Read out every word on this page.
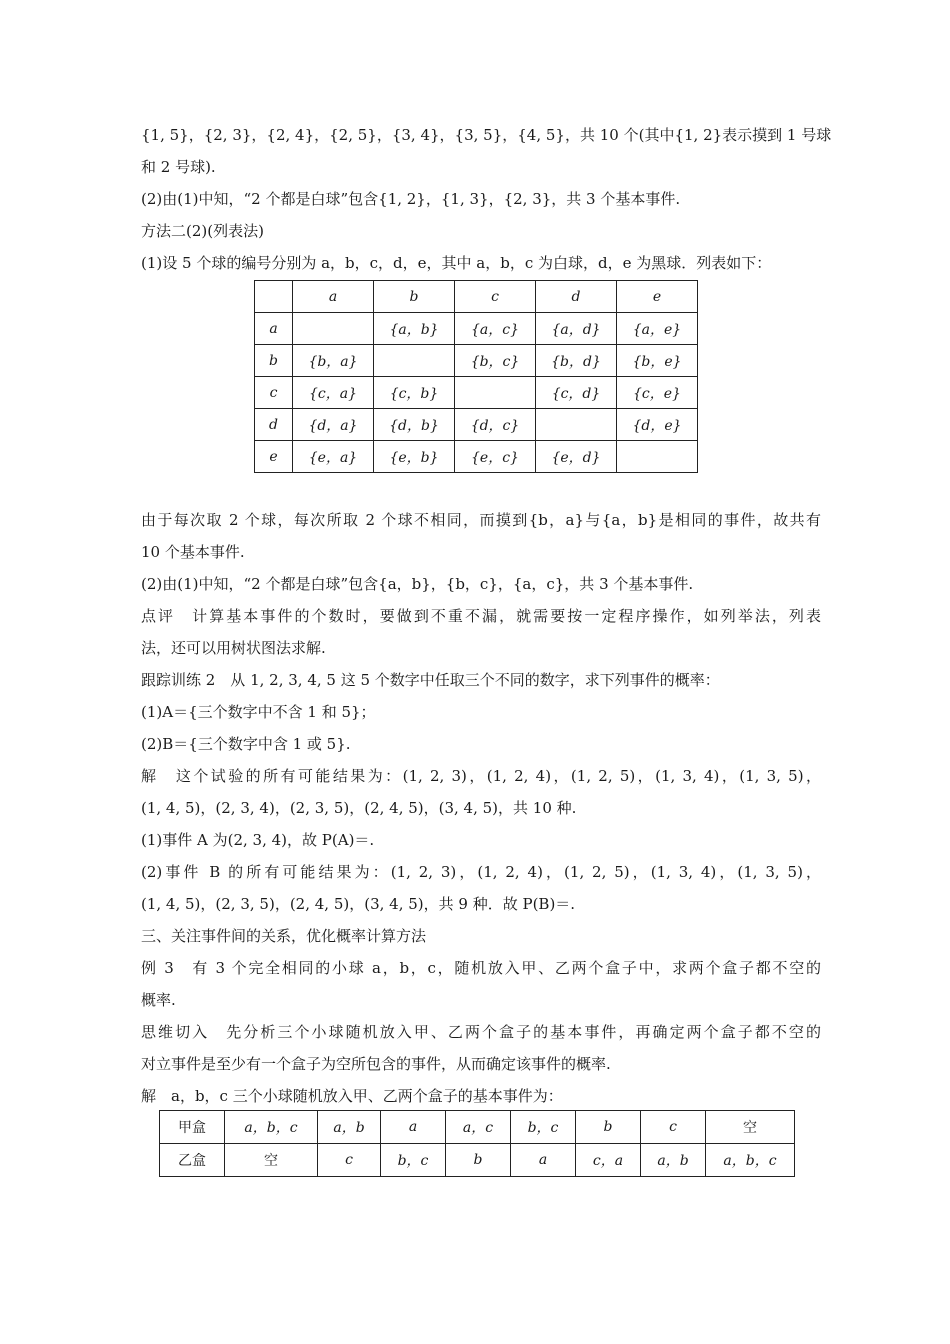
{1, 5}，{2, 3}，{2, 4}，{2, 5}，{3, 4}，{3, 5}，{4, 5}，共 10 个(其中{1, 2}表示摸到 1 号球
和 2 号球).
(2)由(1)中知，“2 个都是白球”包含{1, 2}，{1, 3}，{2, 3}，共 3 个基本事件.
方法二(2)(列表法)
(1)设 5 个球的编号分别为 a，b，c，d，e，其中 a，b，c 为白球，d，e 为黑球．列表如下：
	a	b	c	d	e
a		{a，b}	{a，c}	{a，d}	{a，e}
b	{b，a}		{b，c}	{b，d}	{b，e}
c	{c，a}	{c，b}		{c，d}	{c，e}
d	{d，a}	{d，b}	{d，c}		{d，e}
e	{e，a}	{e，b}	{e，c}	{e，d}	
由于每次取 2 个球，每次所取 2 个球不相同，而摸到{b，a}与{a，b}是相同的事件，故共有
10 个基本事件.
(2)由(1)中知，“2 个都是白球”包含{a，b}，{b，c}，{a，c}，共 3 个基本事件.
点评　计算基本事件的个数时，要做到不重不漏，就需要按一定程序操作，如列举法，列表
法，还可以用树状图法求解.
跟踪训练 2　从 1, 2, 3, 4, 5 这 5 个数字中任取三个不同的数字，求下列事件的概率：
(1)A＝{三个数字中不含 1 和 5}；
(2)B＝{三个数字中含 1 或 5}.
解　这个试验的所有可能结果为：(1, 2, 3)，(1, 2, 4)，(1, 2, 5)，(1, 3, 4)，(1, 3, 5)，
(1, 4, 5)，(2, 3, 4)，(2, 3, 5)，(2, 4, 5)，(3, 4, 5)，共 10 种.
(1)事件 A 为(2, 3, 4)，故 P(A)＝.
(2)事件 B 的所有可能结果为：(1, 2, 3)，(1, 2, 4)，(1, 2, 5)，(1, 3, 4)，(1, 3, 5)，
(1, 4, 5)，(2, 3, 5)，(2, 4, 5)，(3, 4, 5)，共 9 种．故 P(B)＝.
三、关注事件间的关系，优化概率计算方法
例 3　有 3 个完全相同的小球 a，b，c，随机放入甲、乙两个盒子中，求两个盒子都不空的
概率.
思维切入　先分析三个小球随机放入甲、乙两个盒子的基本事件，再确定两个盒子都不空的
对立事件是至少有一个盒子为空所包含的事件，从而确定该事件的概率.
解　a，b，c 三个小球随机放入甲、乙两个盒子的基本事件为：
甲盒	a，b，c	a，b	a	a，c	b，c	b	c	空
乙盒	空	c	b，c	b	a	c，a	a，b	a，b，c
